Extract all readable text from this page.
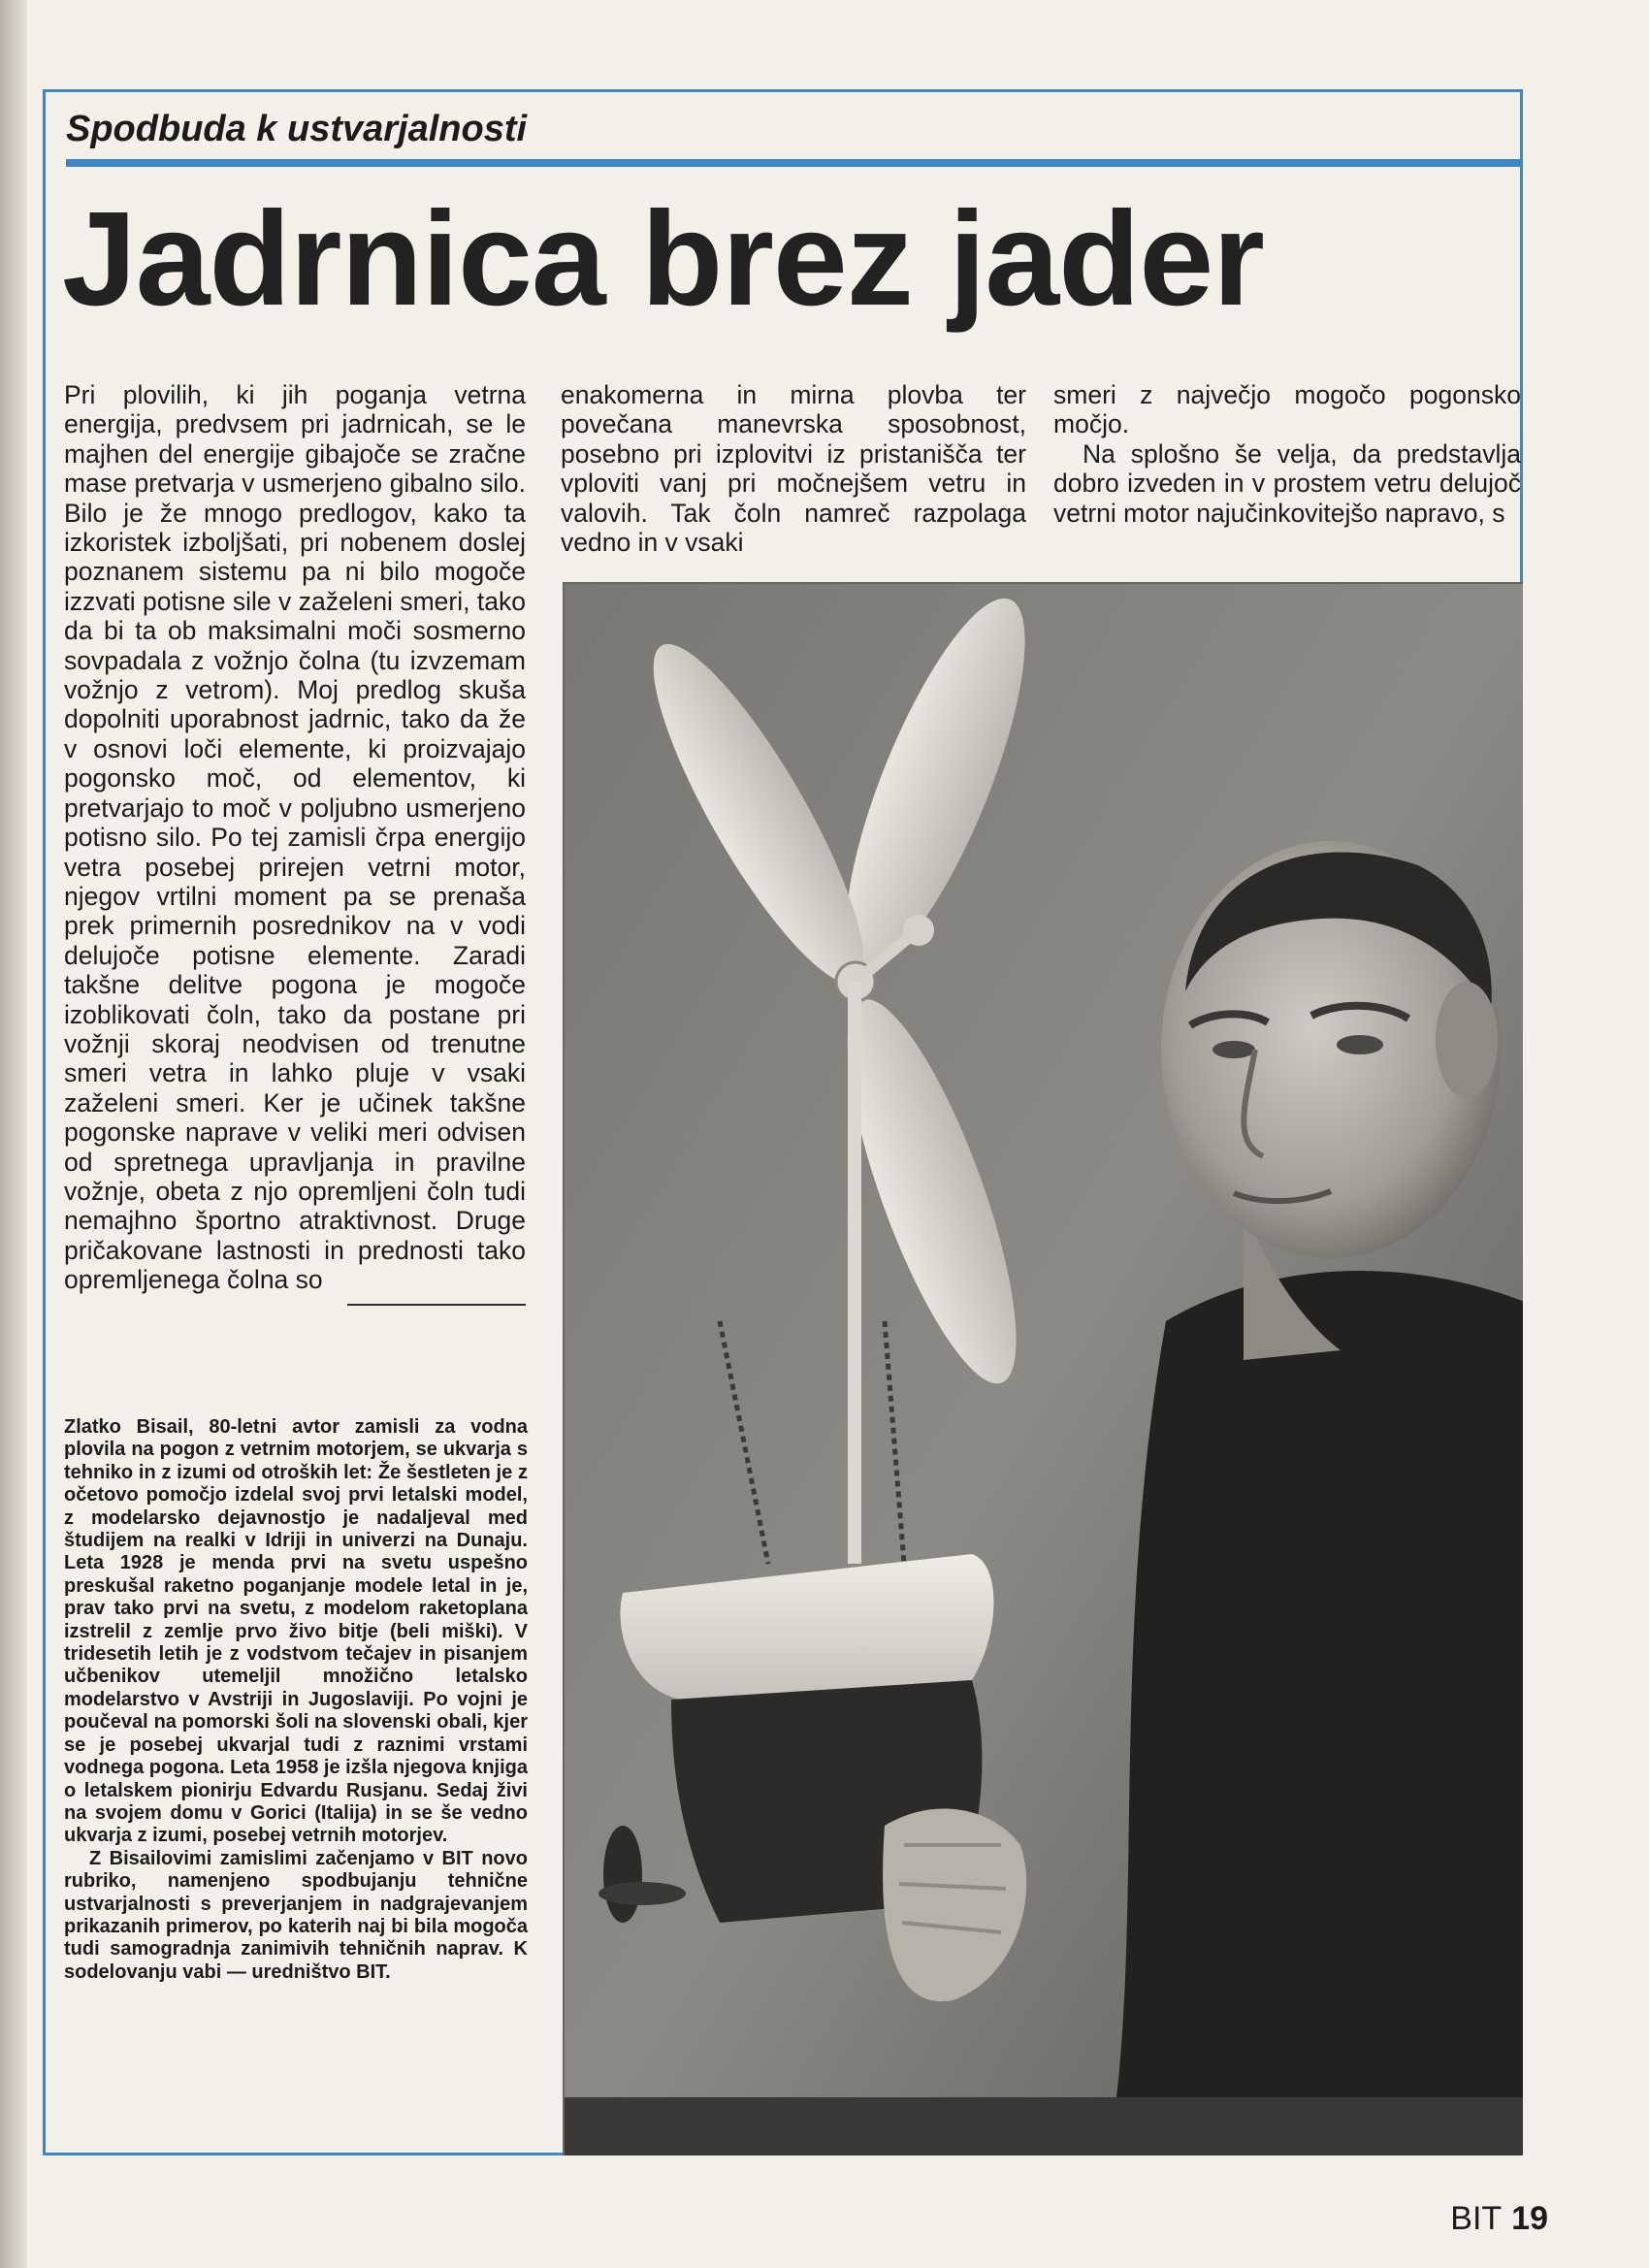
Spodbuda k ustvarjalnosti
Jadrnica brez jader

Pri plovilih, ki jih poganja vetrna energija, predvsem pri jadrnicah, se le majhen del energije gibajoče se zračne mase pretvarja v usmerjeno gibalno silo. Bilo je že mnogo predlogov, kako ta izkoristek izboljšati, pri nobenem doslej poznanem sistemu pa ni bilo mogoče izzvati potisne sile v zaželeni smeri, tako da bi ta ob maksimalni moči sosmerno sovpadala z vožnjo čolna (tu izvzemam vožnjo z vetrom). Moj predlog skuša dopolniti uporabnost jadrnic, tako da že v osnovi loči elemente, ki proizvajajo pogonsko moč, od elementov, ki pretvarjajo to moč v poljubno usmerjeno potisno silo. Po tej zamisli črpa energijo vetra posebej prirejen vetrni motor, njegov vrtilni moment pa se prenaša prek primernih posrednikov na v vodi delujoče potisne elemente. Zaradi takšne delitve pogona je mogoče izoblikovati čoln, tako da postane pri vožnji skoraj neodvisen od trenutne smeri vetra in lahko pluje v vsaki zaželeni smeri. Ker je učinek takšne pogonske naprave v veliki meri odvisen od spretnega upravljanja in pravilne vožnje, obeta z njo opremljeni čoln tudi nemajhno športno atraktivnost. Druge pričakovane lastnosti in prednosti tako opremljenega čolna so

enakomerna in mirna plovba ter povečana manevrska sposobnost, posebno pri izplovitvi iz pristanišča ter vploviti vanj pri močnejšem vetru in valovih. Tak čoln namreč razpolaga vedno in v vsaki

smeri z največjo mogočo pogonsko močjo.

Na splošno še velja, da predstavlja dobro izveden in v prostem vetru delujoč vetrni motor najučinkovitejšo napravo, s

Zlatko Bisail, 80-letni avtor zamisli za vodna plovila na pogon z vetrnim motorjem, se ukvarja s tehniko in z izumi od otroških let: Že šestleten je z očetovo pomočjo izdelal svoj prvi letalski model, z modelarsko dejavnostjo je nadaljeval med študijem na realki v Idriji in univerzi na Dunaju. Leta 1928 je menda prvi na svetu uspešno preskušal raketno poganjanje modele letal in je, prav tako prvi na svetu, z modelom raketoplana izstrelil z zemlje prvo živo bitje (beli miški). V tridesetih letih je z vodstvom tečajev in pisanjem učbenikov utemeljil množično letalsko modelarstvo v Avstriji in Jugoslaviji. Po vojni je poučeval na pomorski šoli na slovenski obali, kjer se je posebej ukvarjal tudi z raznimi vrstami vodnega pogona. Leta 1958 je izšla njegova knjiga o letalskem pionirju Edvardu Rusjanu. Sedaj živi na svojem domu v Gorici (Italija) in se še vedno ukvarja z izumi, posebej vetrnih motorjev.

Z Bisailovimi zamislimi začenjamo v BIT novo rubriko, namenjeno spodbujanju tehnične ustvarjalnosti s preverjanjem in nadgrajevanjem prikazanih primerov, po katerih naj bi bila mogoča tudi samogradnja zanimivih tehničnih naprav. K sodelovanju vabi — uredništvo BIT.

BIT 19
